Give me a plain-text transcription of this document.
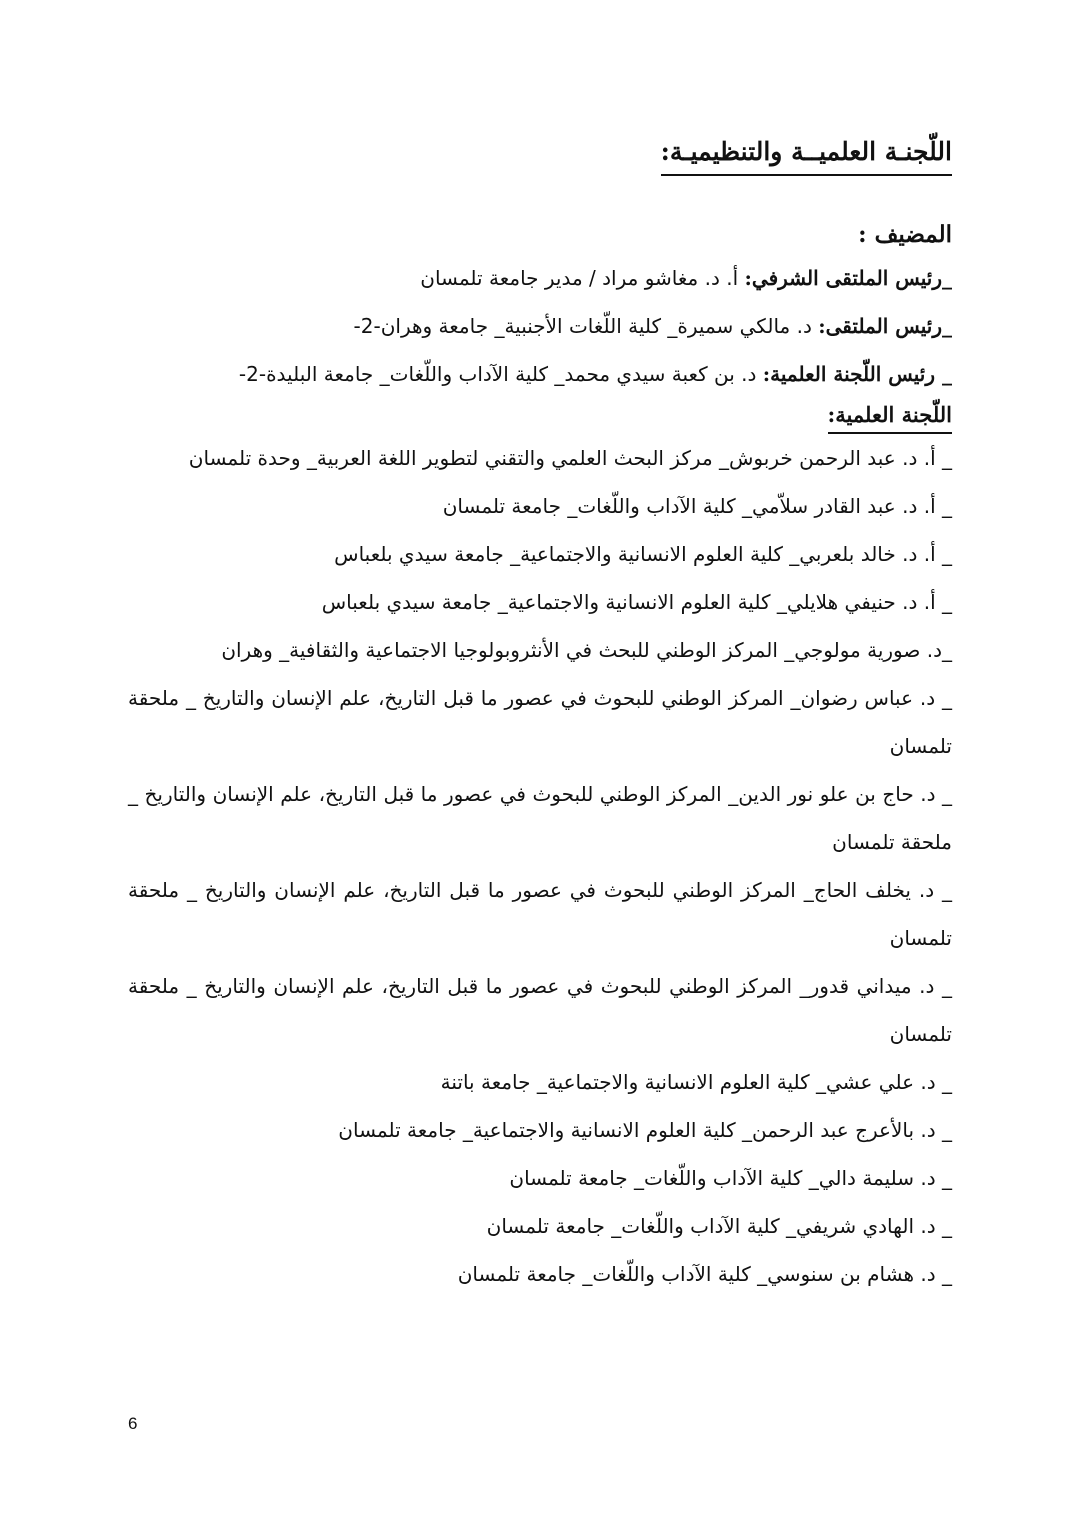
اللّجنـة العلميــة والتنظيميـة:
المضيف :
_رئيس الملتقى الشرفي: أ. د. مغاشو مراد / مدير جامعة تلمسان
_رئيس الملتقى: د. مالكي سميرة_ كلية اللّغات الأجنبية_ جامعة وهران-2-
_ رئيس اللّجنة العلمية: د. بن كعبة سيدي محمد_ كلية الآداب واللّغات_ جامعة البليدة-2-
اللّجنة العلمية:
_ أ. د. عبد الرحمن خربوش_ مركز البحث العلمي والتقني لتطوير اللغة العربية_ وحدة تلمسان
_ أ. د. عبد القادر سلاّمي_ كلية الآداب واللّغات_ جامعة تلمسان
_ أ. د. خالد بلعربي_ كلية العلوم الانسانية والاجتماعية_ جامعة سيدي بلعباس
_ أ. د. حنيفي هلايلي_ كلية العلوم الانسانية والاجتماعية_ جامعة سيدي بلعباس
_د. صورية مولوجي_ المركز الوطني للبحث في الأنثروبولوجيا الاجتماعية والثقافية_ وهران
_ د. عباس رضوان_ المركز الوطني للبحوث في عصور ما قبل التاريخ، علم الإنسان والتاريخ _ ملحقة تلمسان
_ د. حاج بن علو نور الدين_ المركز الوطني للبحوث في عصور ما قبل التاريخ، علم الإنسان والتاريخ _ ملحقة تلمسان
_ د. يخلف الحاج_ المركز الوطني للبحوث في عصور ما قبل التاريخ، علم الإنسان والتاريخ _ ملحقة تلمسان
_ د. ميداني قدور_ المركز الوطني للبحوث في عصور ما قبل التاريخ، علم الإنسان والتاريخ _ ملحقة تلمسان
_ د. علي عشي_ كلية العلوم الانسانية والاجتماعية_ جامعة باتنة
_ د. بالأعرج عبد الرحمن_ كلية العلوم الانسانية والاجتماعية_ جامعة تلمسان
_ د. سليمة دالي_ كلية الآداب واللّغات_ جامعة تلمسان
_ د. الهادي شريفي_ كلية الآداب واللّغات_ جامعة تلمسان
_ د. هشام بن سنوسي_ كلية الآداب واللّغات_ جامعة تلمسان
6
